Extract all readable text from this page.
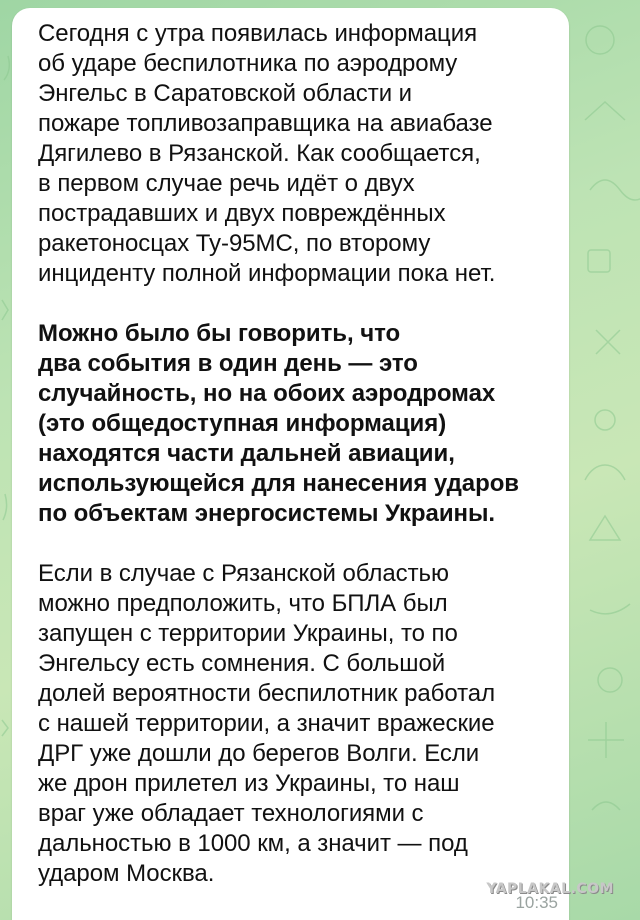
Сегодня с утра появилась информация
об ударе беспилотника по аэродрому
Энгельс в Саратовской области и
пожаре топливозаправщика на авиабазе
Дягилево в Рязанской. Как сообщается,
в первом случае речь идёт о двух
пострадавших и двух повреждённых
ракетоносцах Ту-95МС, по второму
инциденту полной информации пока нет.

Можно было бы говорить, что
два события в один день — это
случайность, но на обоих аэродромах
(это общедоступная информация)
находятся части дальней авиации,
использующейся для нанесения ударов
по объектам энергосистемы Украины.

Если в случае с Рязанской областью
можно предположить, что БПЛА был
запущен с территории Украины, то по
Энгельсу есть сомнения. С большой
долей вероятности беспилотник работал
с нашей территории, а значит вражеские
ДРГ уже дошли до берегов Волги. Если
же дрон прилетел из Украины, то наш
враг уже обладает технологиями с
дальностью в 1000 км, а значит — под
ударом Москва.

YAPLAKAL.COM
10:35
